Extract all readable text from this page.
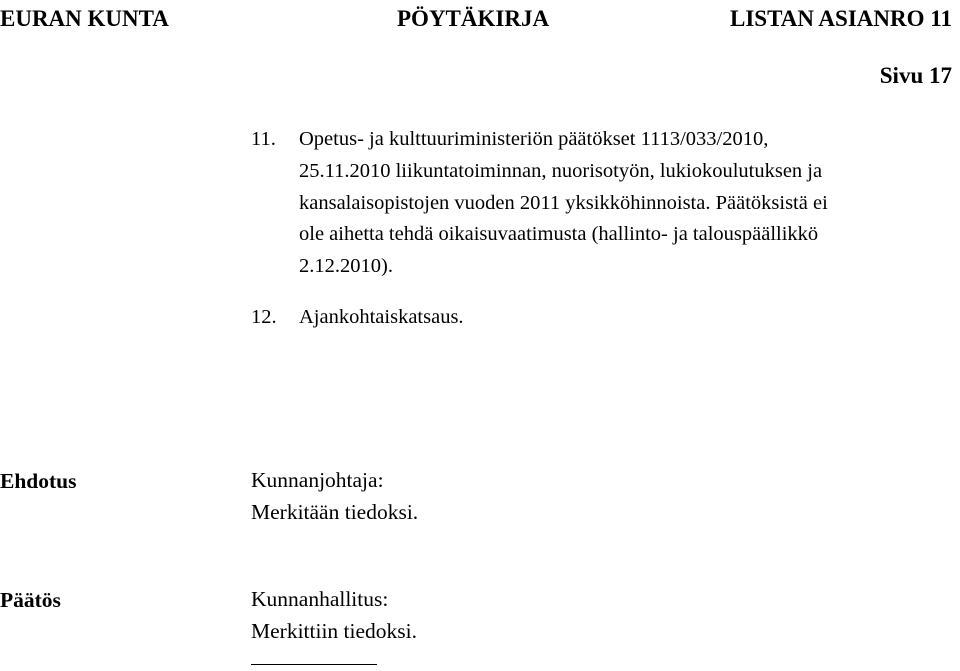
EURAN KUNTA	PÖYTÄKIRJA	LISTAN ASIANRO 11
Sivu 17
11.	Opetus- ja kulttuuriministeriön päätökset 1113/033/2010,
25.11.2010 liikuntatoiminnan, nuorisotyön, lukiokoulutuksen ja
kansalaisopistojen vuoden 2011 yksikköhinnoista. Päätöksistä ei
ole aihetta tehdä oikaisuvaatimusta (hallinto- ja talouspäällikkö
2.12.2010).
12.	Ajankohtaiskatsaus.
Ehdotus	Kunnanjohtaja:
Merkitään tiedoksi.
Päätös	Kunnanhallitus:
Merkittiin tiedoksi.
